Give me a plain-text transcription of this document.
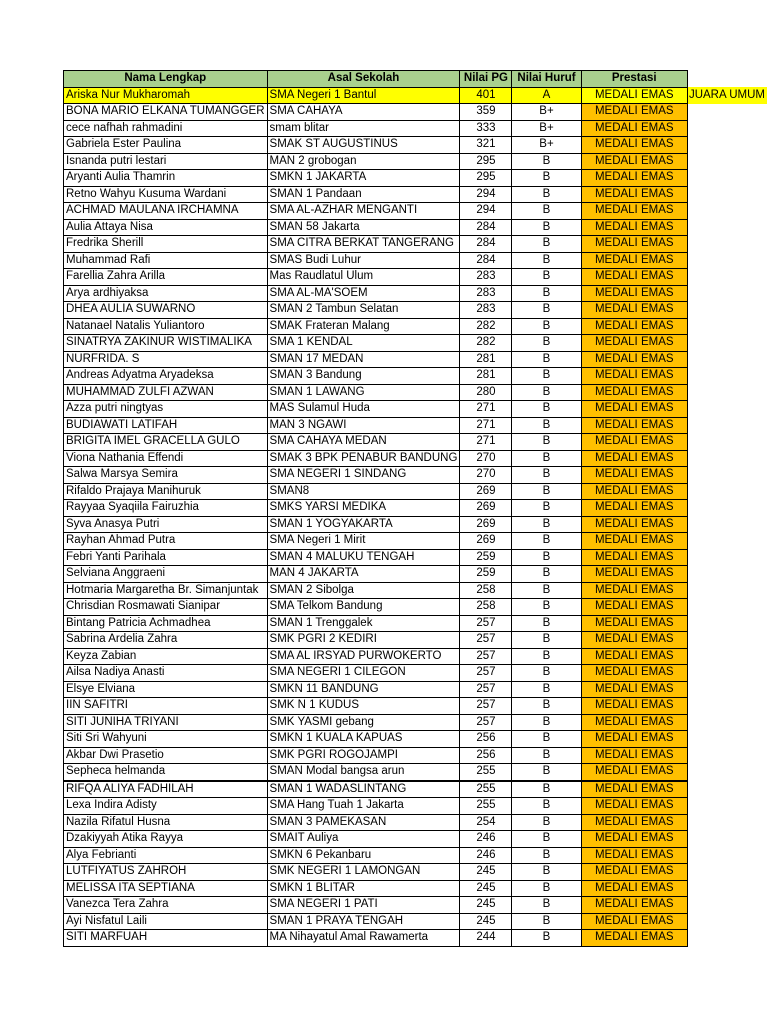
Nama Lengkap	Asal Sekolah	Nilai PG	Nilai Huruf	Prestasi	
Ariska Nur Mukharomah	SMA Negeri 1 Bantul	401	A	MEDALI EMAS	JUARA UMUM
BONA MARIO ELKANA TUMANGGER	SMA CAHAYA	359	B+	MEDALI EMAS	
cece nafhah rahmadini	smam blitar	333	B+	MEDALI EMAS	
Gabriela Ester Paulina	SMAK ST AUGUSTINUS	321	B+	MEDALI EMAS	
Isnanda putri lestari	MAN 2 grobogan	295	B	MEDALI EMAS	
Aryanti Aulia Thamrin	SMKN 1 JAKARTA	295	B	MEDALI EMAS	
Retno Wahyu Kusuma Wardani	SMAN 1 Pandaan	294	B	MEDALI EMAS	
ACHMAD MAULANA IRCHAMNA	SMA AL-AZHAR MENGANTI	294	B	MEDALI EMAS	
Aulia Attaya Nisa	SMAN 58 Jakarta	284	B	MEDALI EMAS	
Fredrika Sherill	SMA CITRA BERKAT TANGERANG	284	B	MEDALI EMAS	
Muhammad Rafi	SMAS Budi Luhur	284	B	MEDALI EMAS	
Farellia Zahra Arilla	Mas Raudlatul Ulum	283	B	MEDALI EMAS	
Arya ardhiyaksa	SMA AL-MA'SOEM	283	B	MEDALI EMAS	
DHEA AULIA SUWARNO	SMAN 2 Tambun Selatan	283	B	MEDALI EMAS	
Natanael Natalis Yuliantoro	SMAK Frateran Malang	282	B	MEDALI EMAS	
SINATRYA ZAKINUR WISTIMALIKA	SMA 1 KENDAL	282	B	MEDALI EMAS	
NURFRIDA. S	SMAN 17 MEDAN	281	B	MEDALI EMAS	
Andreas Adyatma Aryadeksa	SMAN 3 Bandung	281	B	MEDALI EMAS	
MUHAMMAD ZULFI AZWAN	SMAN 1 LAWANG	280	B	MEDALI EMAS	
Azza putri ningtyas	MAS Sulamul Huda	271	B	MEDALI EMAS	
BUDIAWATI LATIFAH	MAN 3 NGAWI	271	B	MEDALI EMAS	
BRIGITA IMEL GRACELLA GULO	SMA CAHAYA MEDAN	271	B	MEDALI EMAS	
Viona Nathania Effendi	SMAK 3 BPK PENABUR BANDUNG	270	B	MEDALI EMAS	
Salwa Marsya Semira	SMA NEGERI 1 SINDANG	270	B	MEDALI EMAS	
Rifaldo Prajaya Manihuruk	SMAN8	269	B	MEDALI EMAS	
Rayyaa Syaqiila Fairuzhia	SMKS YARSI MEDIKA	269	B	MEDALI EMAS	
Syva Anasya Putri	SMAN 1 YOGYAKARTA	269	B	MEDALI EMAS	
Rayhan Ahmad Putra	SMA Negeri 1 Mirit	269	B	MEDALI EMAS	
Febri Yanti Parihala	SMAN 4 MALUKU TENGAH	259	B	MEDALI EMAS	
Selviana Anggraeni	MAN 4 JAKARTA	259	B	MEDALI EMAS	
Hotmaria Margaretha Br. Simanjuntak	SMAN 2 Sibolga	258	B	MEDALI EMAS	
Chrisdian Rosmawati Sianipar	SMA Telkom Bandung	258	B	MEDALI EMAS	
Bintang Patricia Achmadhea	SMAN 1 Trenggalek	257	B	MEDALI EMAS	
Sabrina Ardelia Zahra	SMK PGRI 2 KEDIRI	257	B	MEDALI EMAS	
Keyza Zabian	SMA AL IRSYAD PURWOKERTO	257	B	MEDALI EMAS	
Ailsa Nadiya Anasti	SMA NEGERI 1 CILEGON	257	B	MEDALI EMAS	
Elsye Elviana	SMKN 11 BANDUNG	257	B	MEDALI EMAS	
IIN SAFITRI	SMK N 1 KUDUS	257	B	MEDALI EMAS	
SITI JUNIHA TRIYANI	SMK YASMI gebang	257	B	MEDALI EMAS	
Siti Sri Wahyuni	SMKN 1 KUALA KAPUAS	256	B	MEDALI EMAS	
Akbar Dwi Prasetio	SMK PGRI ROGOJAMPI	256	B	MEDALI EMAS	
Sepheca helmanda	SMAN Modal bangsa arun	255	B	MEDALI EMAS	
RIFQA ALIYA FADHILAH	SMAN 1 WADASLINTANG	255	B	MEDALI EMAS	
Lexa Indira Adisty	SMA Hang Tuah 1 Jakarta	255	B	MEDALI EMAS	
Nazila Rifatul Husna	SMAN 3 PAMEKASAN	254	B	MEDALI EMAS	
Dzakiyyah Atika Rayya	SMAIT Auliya	246	B	MEDALI EMAS	
Alya Febrianti	SMKN 6 Pekanbaru	246	B	MEDALI EMAS	
LUTFIYATUS ZAHROH	SMK NEGERI 1 LAMONGAN	245	B	MEDALI EMAS	
MELISSA ITA SEPTIANA	SMKN 1 BLITAR	245	B	MEDALI EMAS	
Vanezca Tera Zahra	SMA NEGERI 1 PATI	245	B	MEDALI EMAS	
Ayi Nisfatul Laili	SMAN 1 PRAYA TENGAH	245	B	MEDALI EMAS	
SITI MARFUAH	MA Nihayatul Amal Rawamerta	244	B	MEDALI EMAS	
